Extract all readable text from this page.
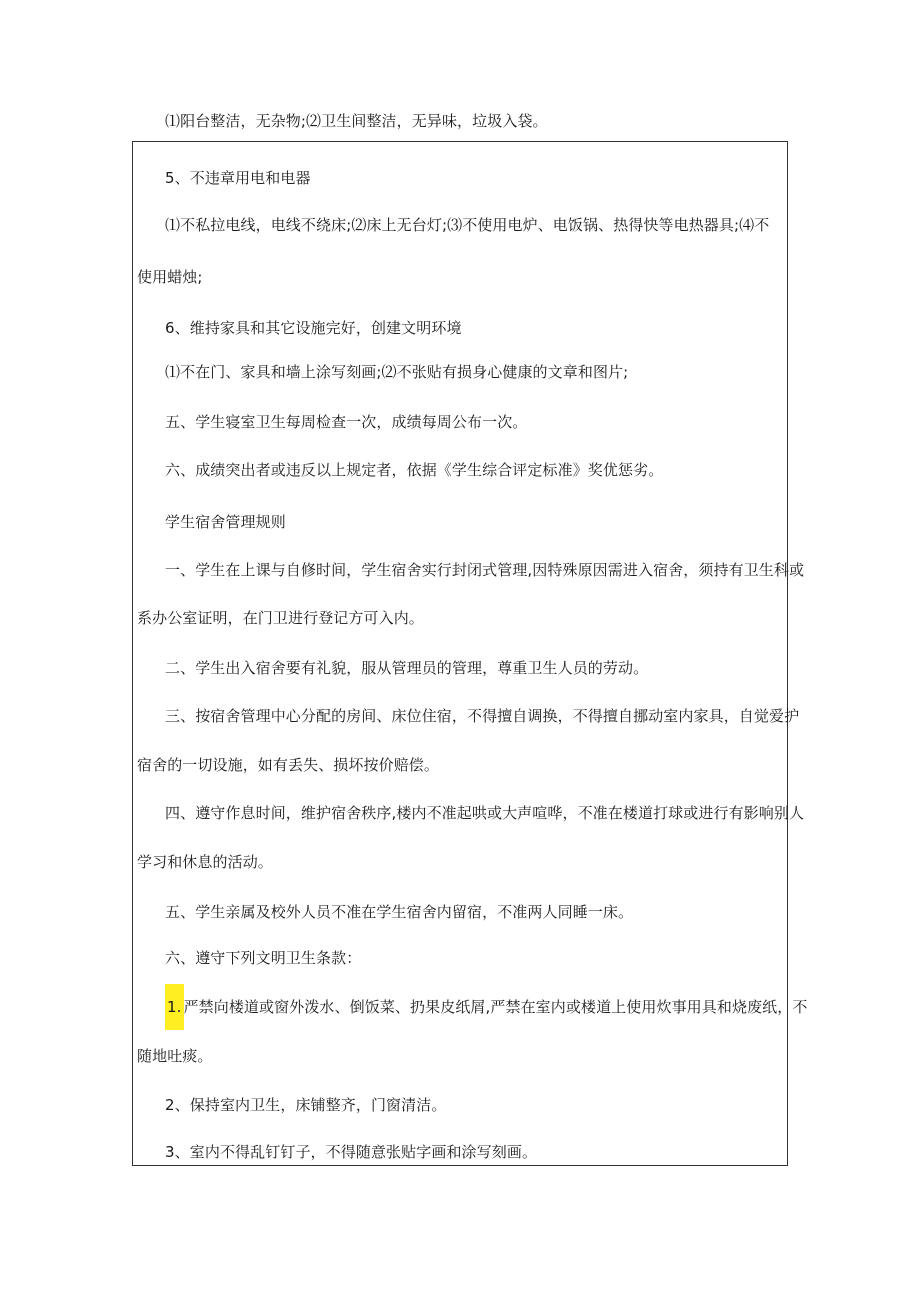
⑴阳台整洁，无杂物;⑵卫生间整洁，无异味，垃圾入袋。
5、不违章用电和电器
⑴不私拉电线，电线不绕床;⑵床上无台灯;⑶不使用电炉、电饭锅、热得快等电热器具;⑷不
使用蜡烛;
6、维持家具和其它设施完好，创建文明环境
⑴不在门、家具和墙上涂写刻画;⑵不张贴有损身心健康的文章和图片;
五、学生寝室卫生每周检查一次，成绩每周公布一次。
六、成绩突出者或违反以上规定者，依据《学生综合评定标准》奖优惩劣。
学生宿舍管理规则
一、学生在上课与自修时间，学生宿舍实行封闭式管理,因特殊原因需进入宿舍，须持有卫生科或
系办公室证明，在门卫进行登记方可入内。
二、学生出入宿舍要有礼貌，服从管理员的管理，尊重卫生人员的劳动。
三、按宿舍管理中心分配的房间、床位住宿，不得擅自调换，不得擅自挪动室内家具，自觉爱护
宿舍的一切设施，如有丢失、损坏按价赔偿。
四、遵守作息时间，维护宿舍秩序,楼内不准起哄或大声喧哗，不准在楼道打球或进行有影响别人
学习和休息的活动。
五、学生亲属及校外人员不准在学生宿舍内留宿，不准两人同睡一床。
六、遵守下列文明卫生条款：
1. 严禁向楼道或窗外泼水、倒饭菜、扔果皮纸屑,严禁在室内或楼道上使用炊事用具和烧废纸，不
随地吐痰。
2、保持室内卫生，床铺整齐，门窗清洁。
3、室内不得乱钉钉子，不得随意张贴字画和涂写刻画。
